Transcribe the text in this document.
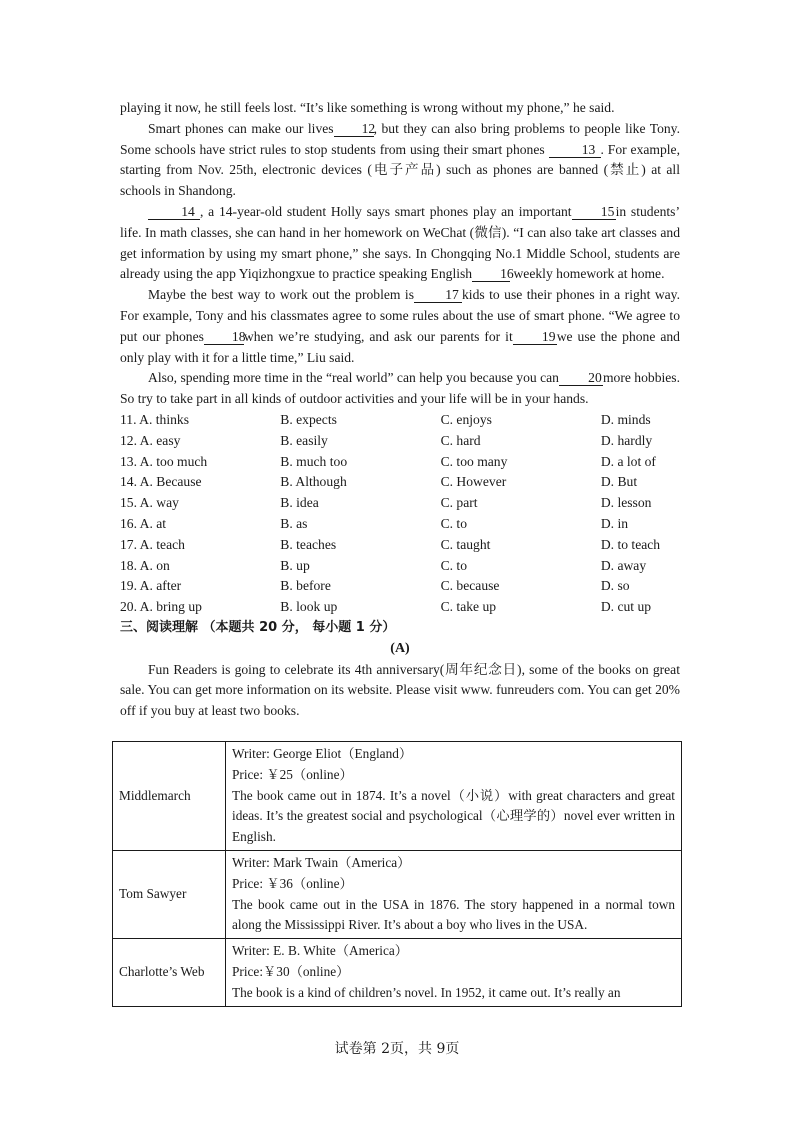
playing it now, he still feels lost. “It’s like something is wrong without my phone,” he said.

Smart phones can make our lives 12, but they can also bring problems to people like Tony. Some schools have strict rules to stop students from using their smart phones 13 . For example, starting from Nov. 25th, electronic devices (电子产品) such as phones are banned (禁止) at all schools in Shandong.

14 , a 14-year-old student Holly says smart phones play an important 15in students’ life. In math classes, she can hand in her homework on WeChat (微信). “I can also take art classes and get information by using my smart phone,” she says. In Chongqing No.1 Middle School, students are already using the app Yiqizhongxue to practice speaking English 16 weekly homework at home.

Maybe the best way to work out the problem is 17 kids to use their phones in a right way. For example, Tony and his classmates agree to some rules about the use of smart phone. “We agree to put our phones 18when we’re studying, and ask our parents for it 19we use the phone and only play with it for a little time,” Liu said.

Also, spending more time in the “real world” can help you because you can 20more hobbies. So try to take part in all kinds of outdoor activities and your life will be in your hands.

11. A. thinks	B. expects	C. enjoys	D. minds
12. A. easy	B. easily	C. hard	D. hardly
13. A. too much	B. much too	C. too many	D. a lot of
14. A. Because	B. Although	C. However	D. But
15. A. way	B. idea	C. part	D. lesson
16. A. at	B. as	C. to	D. in
17. A. teach	B. teaches	C. taught	D. to teach
18. A. on	B. up	C. to	D. away
19. A. after	B. before	C. because	D. so
20. A. bring up	B. look up	C. take up	D. cut up

三、阅读理解 （本题共 20 分， 每小题 1 分）

(A)

Fun Readers is going to celebrate its 4th anniversary(周年纪念日), some of the books on great sale. You can get more information on its website. Please visit www. funreuders com. You can get 20% off if you buy at least two books.

Middlemarch	Writer: George Eliot（England）
Price: ￥25（online）
The book came out in 1874. It’s a novel（小说）with great characters and great ideas. It’s the greatest social and psychological（心理学的）novel ever written in English.

Tom Sawyer	Writer: Mark Twain（America）
Price: ￥36（online）
The book came out in the USA in 1876. The story happened in a normal town along the Mississippi River. It’s about a boy who lives in the USA.

Charlotte’s Web	Writer: E. B. White（America）
Price:￥30（online）
The book is a kind of children’s novel. In 1952, it came out. It’s really an
试卷第 2页，共 9页
